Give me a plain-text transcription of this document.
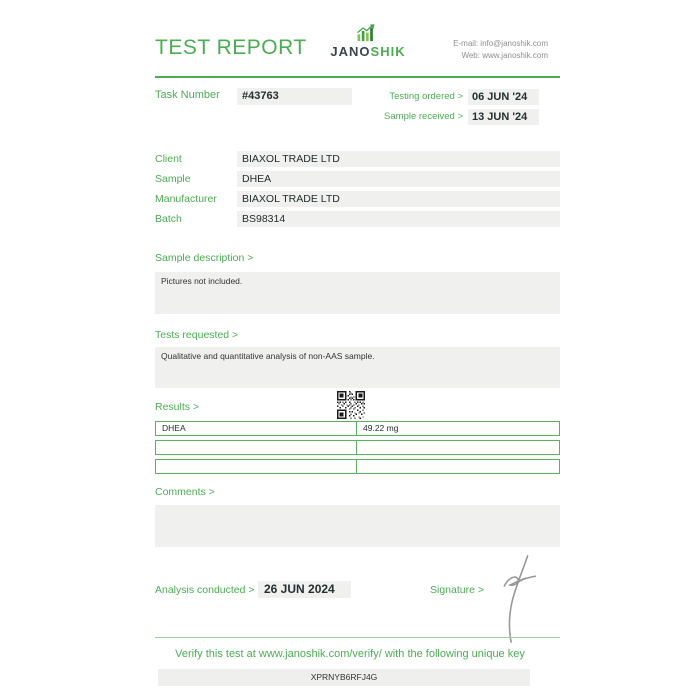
TEST REPORT	JANOSHIK
E-mail: info@janoshik.com
Web: www.janoshik.com
Task Number	#43763	Testing ordered > 06 JUN '24
Sample received > 13 JUN '24
Client	BIAXOL TRADE LTD
Sample	DHEA
Manufacturer	BIAXOL TRADE LTD
Batch	BS98314
Sample description >
Pictures not included.
Tests requested >
Qualitative and quantitative analysis of non-AAS sample.
Results >
DHEA	49.22 mg
Comments >
Analysis conducted > 26 JUN 2024	Signature >
Verify this test at www.janoshik.com/verify/ with the following unique key
XPRNYB6RFJ4G
